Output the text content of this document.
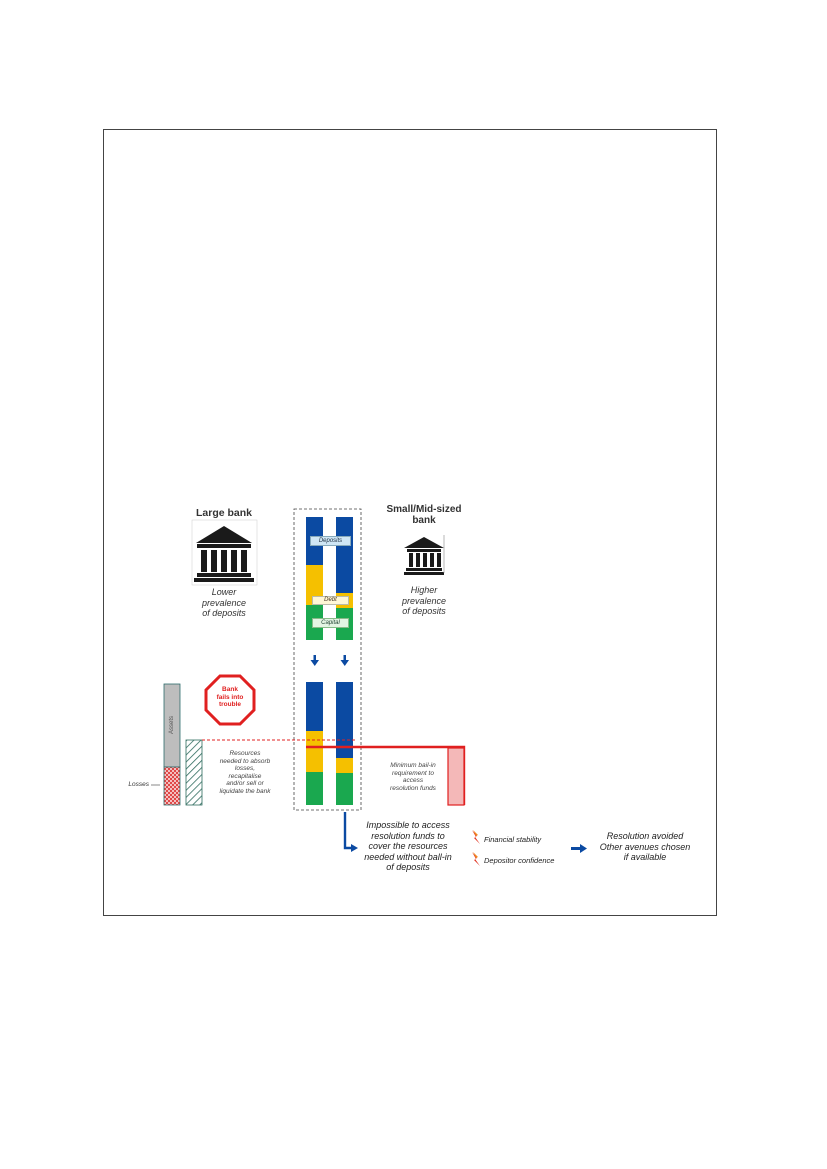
Deposits
Debt
Capital
Large bank
Lower
prevalence
of deposits
Small/Mid-sized
bank
Higher
prevalence
of deposits
Assets
Losses
Bank
fails into
trouble
Resources
needed to absorb
losses,
recapitalise
and/or sell or
liquidate the bank
Minimum bail-in
requirement to
access
resolution funds
Impossible to access
resolution funds to
cover the resources
needed without ball-in
of deposits
Financial stability
Depositor confidence
Resolution avoided
Other avenues chosen
if available
